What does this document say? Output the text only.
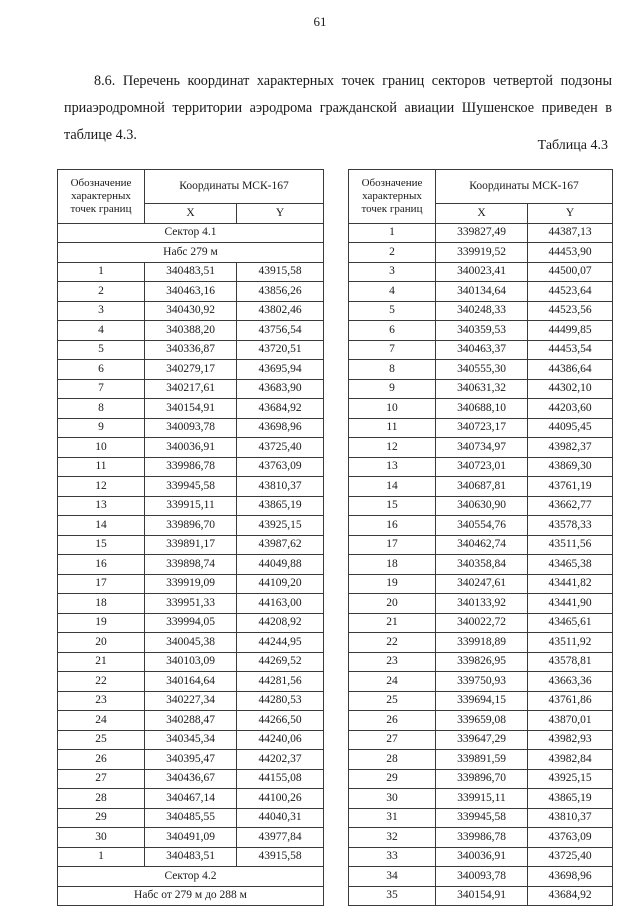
61

8.6. Перечень координат характерных точек границ секторов четвертой подзоны приаэродромной территории аэродрома гражданской авиации Шушенское приведен в таблице 4.3.

Таблица 4.3
Обозначение характерных точек границ	Координаты МСК-167	
	X	Y
Сектор 4.1		
Набс 279 м		
1	340483,51	43915,58
2	340463,16	43856,26
3	340430,92	43802,46
4	340388,20	43756,54
5	340336,87	43720,51
6	340279,17	43695,94
7	340217,61	43683,90
8	340154,91	43684,92
9	340093,78	43698,96
10	340036,91	43725,40
11	339986,78	43763,09
12	339945,58	43810,37
13	339915,11	43865,19
14	339896,70	43925,15
15	339891,17	43987,62
16	339898,74	44049,88
17	339919,09	44109,20
18	339951,33	44163,00
19	339994,05	44208,92
20	340045,38	44244,95
21	340103,09	44269,52
22	340164,64	44281,56
23	340227,34	44280,53
24	340288,47	44266,50
25	340345,34	44240,06
26	340395,47	44202,37
27	340436,67	44155,08
28	340467,14	44100,26
29	340485,55	44040,31
30	340491,09	43977,84
1	340483,51	43915,58
Сектор 4.2		
Набс от 279 м до 288 м		
Обозначение характерных точек границ	Координаты МСК-167	
	X	Y
1	339827,49	44387,13
2	339919,52	44453,90
3	340023,41	44500,07
4	340134,64	44523,64
5	340248,33	44523,56
6	340359,53	44499,85
7	340463,37	44453,54
8	340555,30	44386,64
9	340631,32	44302,10
10	340688,10	44203,60
11	340723,17	44095,45
12	340734,97	43982,37
13	340723,01	43869,30
14	340687,81	43761,19
15	340630,90	43662,77
16	340554,76	43578,33
17	340462,74	43511,56
18	340358,84	43465,38
19	340247,61	43441,82
20	340133,92	43441,90
21	340022,72	43465,61
22	339918,89	43511,92
23	339826,95	43578,81
24	339750,93	43663,36
25	339694,15	43761,86
26	339659,08	43870,01
27	339647,29	43982,93
28	339891,59	43982,84
29	339896,70	43925,15
30	339915,11	43865,19
31	339945,58	43810,37
32	339986,78	43763,09
33	340036,91	43725,40
34	340093,78	43698,96
35	340154,91	43684,92
